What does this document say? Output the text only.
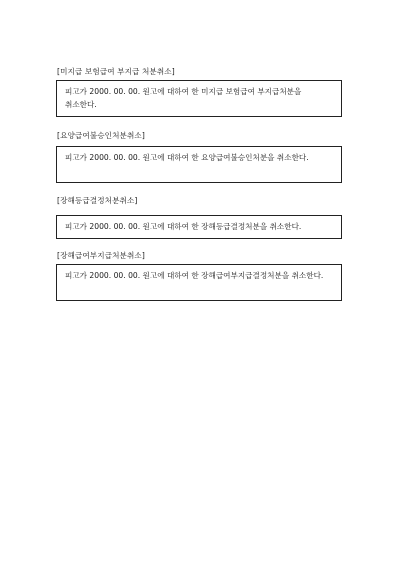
[미지급 보험급여 부지급 처분취소]
피고가 2000. 00. 00. 원고에 대하여 한 미지급 보험급여 부지급처분을 취소한다.
[요양급여불승인처분취소]
피고가 2000. 00. 00. 원고에 대하여 한 요양급여불승인처분을 취소한다.
[장해등급결정처분취소]
피고가 2000. 00. 00. 원고에 대하여 한 장해등급결정처분을 취소한다.
[장해급여부지급처분취소]
피고가 2000. 00. 00. 원고에 대하여 한 장해급여부지급결정처분을 취소한다.
